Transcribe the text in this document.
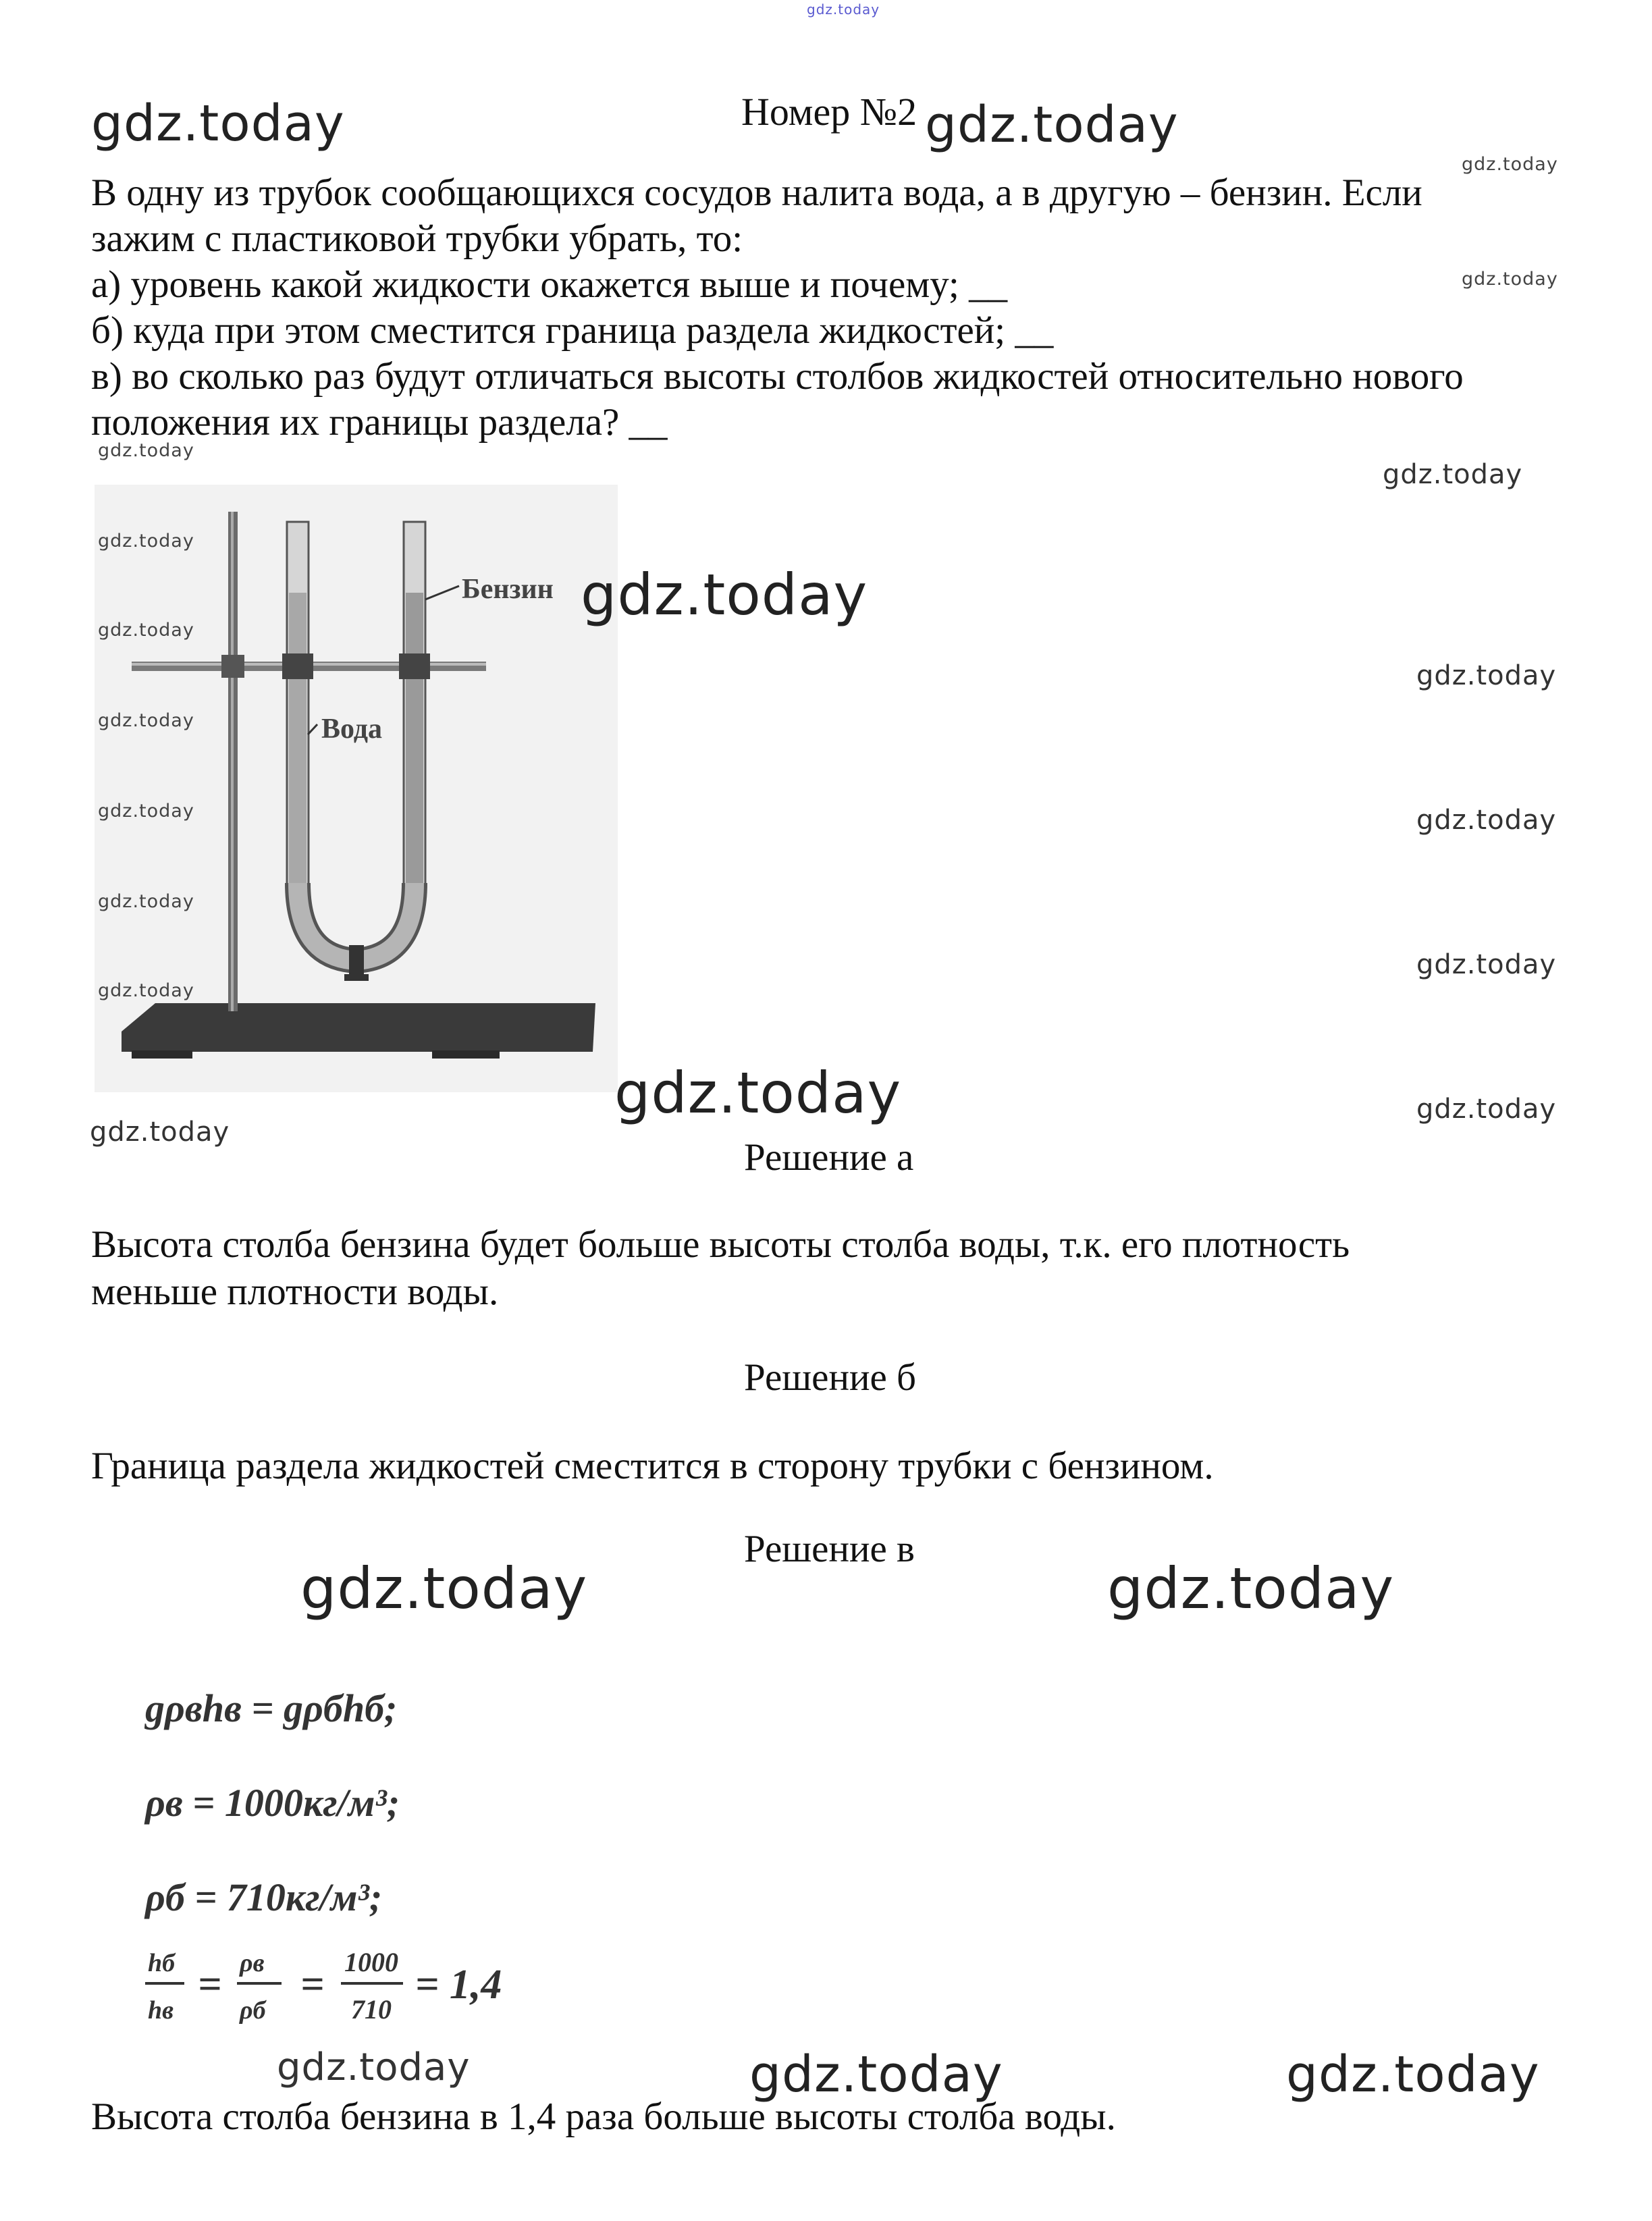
gdz.today
gdz.today	Номер №2 gdz.today
gdz.today
В одну из трубок сообщающихся сосудов налита вода, а в другую – бензин. Если
зажим с пластиковой трубки убрать, то:
а) уровень какой жидкости окажется выше и почему; __	gdz.today
б) куда при этом сместится граница раздела жидкостей; __
в) во сколько раз будут отличаться высоты столбов жидкостей относительно нового
положения их границы раздела? __
gdz.today
gdz.today
Бензин
Вода
gdz.today
gdz.today
gdz.today
gdz.today
gdz.today
gdz.today	gdz.today
gdz.today
gdz.today
gdz.today
gdz.today	gdz.today
gdz.today
Решение а
Высота столба бензина будет больше высоты столба воды, т.к. его плотность
меньше плотности воды.
Решение б
Граница раздела жидкостей сместится в сторону трубки с бензином.
Решение в
gdz.today	gdz.today
gρвhв = gρбhб;
ρв = 1000кг/м³;
ρб = 710кг/м³;
hб
hв
= ρв
ρб
= 1000
710
= 1,4
gdz.today	gdz.today	gdz.today
Высота столба бензина в 1,4 раза больше высоты столба воды.
